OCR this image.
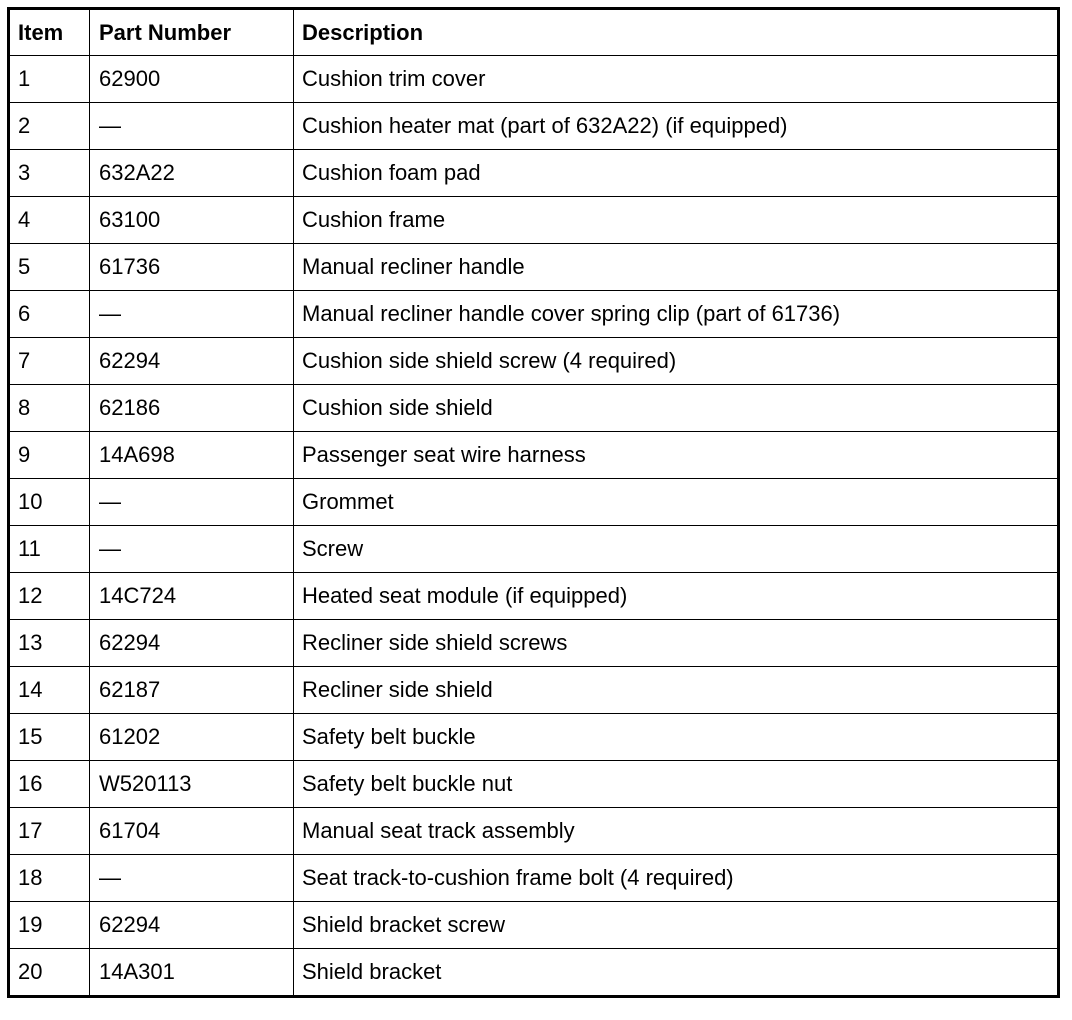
Item	Part Number	Description
1	62900	Cushion trim cover
2	—	Cushion heater mat (part of 632A22) (if equipped)
3	632A22	Cushion foam pad
4	63100	Cushion frame
5	61736	Manual recliner handle
6	—	Manual recliner handle cover spring clip (part of 61736)
7	62294	Cushion side shield screw (4 required)
8	62186	Cushion side shield
9	14A698	Passenger seat wire harness
10	—	Grommet
11	—	Screw
12	14C724	Heated seat module (if equipped)
13	62294	Recliner side shield screws
14	62187	Recliner side shield
15	61202	Safety belt buckle
16	W520113	Safety belt buckle nut
17	61704	Manual seat track assembly
18	—	Seat track-to-cushion frame bolt (4 required)
19	62294	Shield bracket screw
20	14A301	Shield bracket
